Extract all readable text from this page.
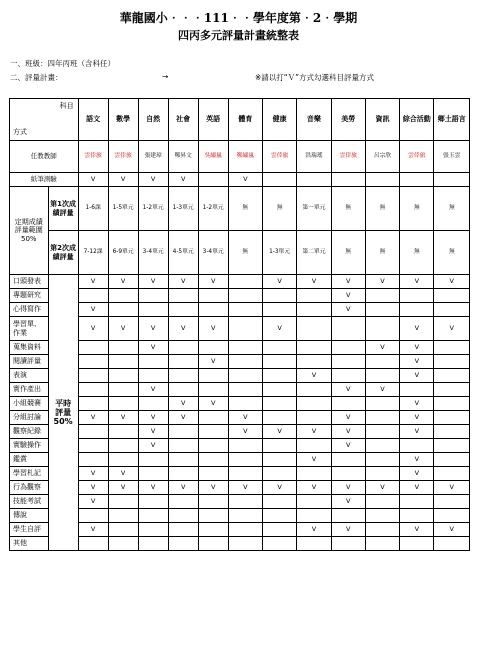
華龍國小‧‧‧111‧‧學年度第‧2‧學期
四丙多元評量計畫統整表
一、班級：四年丙班（含科任）
二、評量計畫：	→	※請以打“Ｖ”方式勾選科目評量方式
科目
方式		語文	數學	自然	社會	英語	體育	健康	音樂	美勞	資訊	綜合活動	鄉土語言
任教教師		雲倖旅	雲倖旅	張建璋	鄭昇文	吳繡嵐	鄭繡嵐	雲倖旅	洪瑞瑤	雲倖旅	呂宗欣	雲倖旅	張玉雲
紙筆測驗		V	V	V	V		V						
定期成績評量範圍50%	第1次成績評量	1-6課	1-5單元	1-2單元	1-3單元	1-2單元	無	無	第一單元	無	無	無	無
	第2次成績評量	7-12課	6-9單元	3-4單元	4-5單元	3-4單元	無	1-3單元	第二單元	無	無	無	無
口頭發表	平時評量50%	V	V	V	V	V		V	V	V	V	V	V
專題研究										V			
心得寫作		V								V			
學習單、作業		V	V	V	V	V		V				V	V
蒐集資料				V							V	V	
閱讀評量						V						V	
表演									V			V	
實作產出				V						V	V		
小組競賽					V	V						V	
分組討論		V	V	V	V		V			V		V	
觀察紀錄				V			V	V	V	V		V	
實驗操作				V						V			
鑑賞									V			V	
學習札記		V	V									V	
行為觀察		V	V	V	V	V	V	V	V	V	V	V	V
技能考試		V								V			
傳說													
學生自評		V							V	V		V	V
其他													
